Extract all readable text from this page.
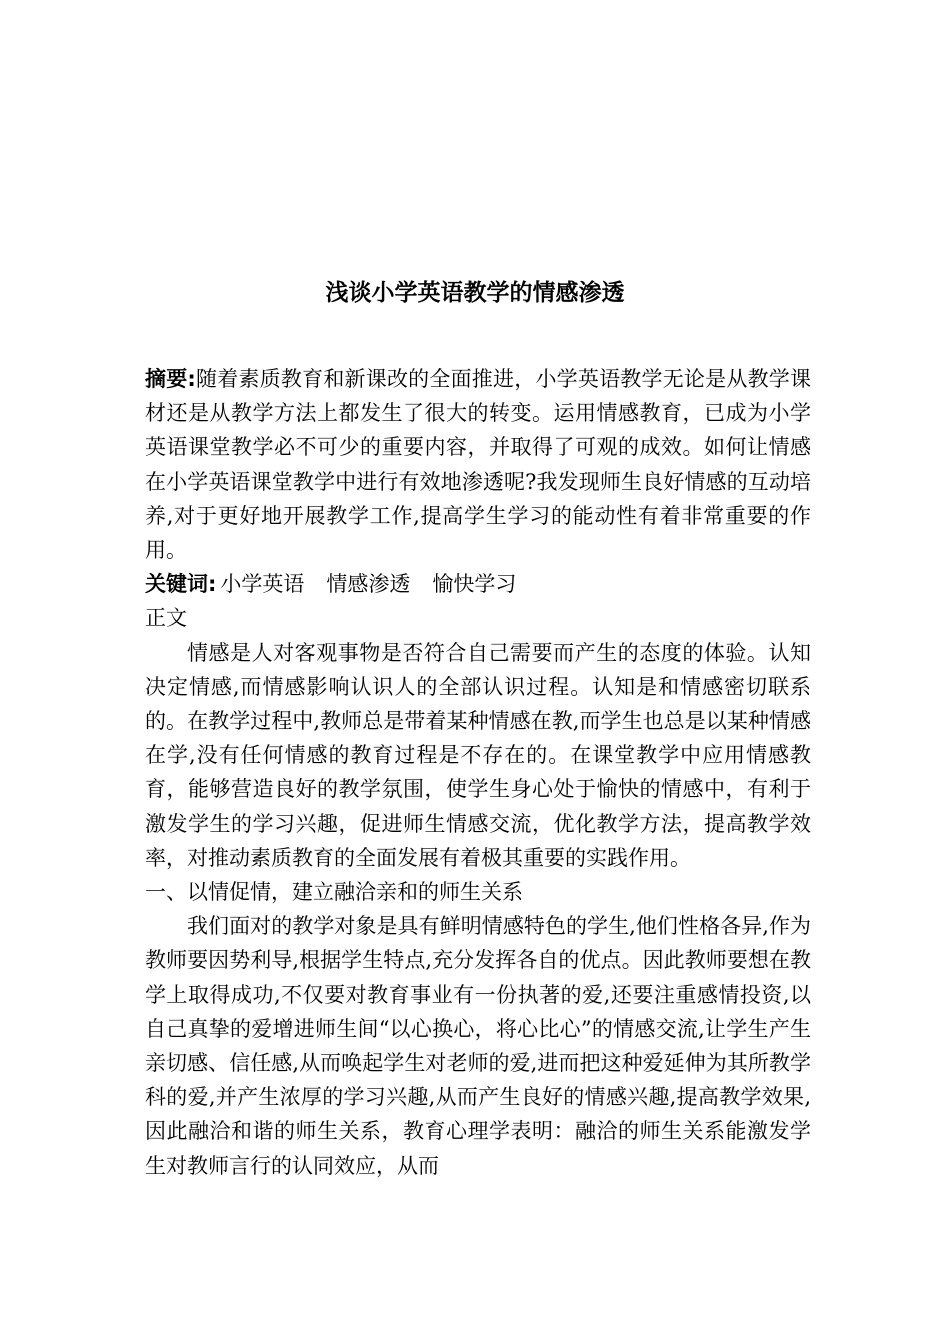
浅谈小学英语教学的情感渗透

摘要:随着素质教育和新课改的全面推进，小学英语教学无论是从教学课材还是从教学方法上都发生了很大的转变。运用情感教育，已成为小学英语课堂教学必不可少的重要内容，并取得了可观的成效。如何让情感在小学英语课堂教学中进行有效地渗透呢?我发现师生良好情感的互动培养,对于更好地开展教学工作,提高学生学习的能动性有着非常重要的作用。

关键词: 小学英语 情感渗透 愉快学习

正文

情感是人对客观事物是否符合自己需要而产生的态度的体验。认知决定情感,而情感影响认识人的全部认识过程。认知是和情感密切联系的。在教学过程中,教师总是带着某种情感在教,而学生也总是以某种情感在学,没有任何情感的教育过程是不存在的。在课堂教学中应用情感教育，能够营造良好的教学氛围，使学生身心处于愉快的情感中，有利于激发学生的学习兴趣，促进师生情感交流，优化教学方法，提高教学效率，对推动素质教育的全面发展有着极其重要的实践作用。

一、以情促情，建立融洽亲和的师生关系

我们面对的教学对象是具有鲜明情感特色的学生,他们性格各异,作为教师要因势利导,根据学生特点,充分发挥各自的优点。因此教师要想在教学上取得成功,不仅要对教育事业有一份执著的爱,还要注重感情投资,以自己真挚的爱增进师生间“以心换心，将心比心”的情感交流,让学生产生亲切感、信任感,从而唤起学生对老师的爱,进而把这种爱延伸为其所教学科的爱,并产生浓厚的学习兴趣,从而产生良好的情感兴趣,提高教学效果,因此融洽和谐的师生关系，教育心理学表明：融洽的师生关系能激发学生对教师言行的认同效应，从而
